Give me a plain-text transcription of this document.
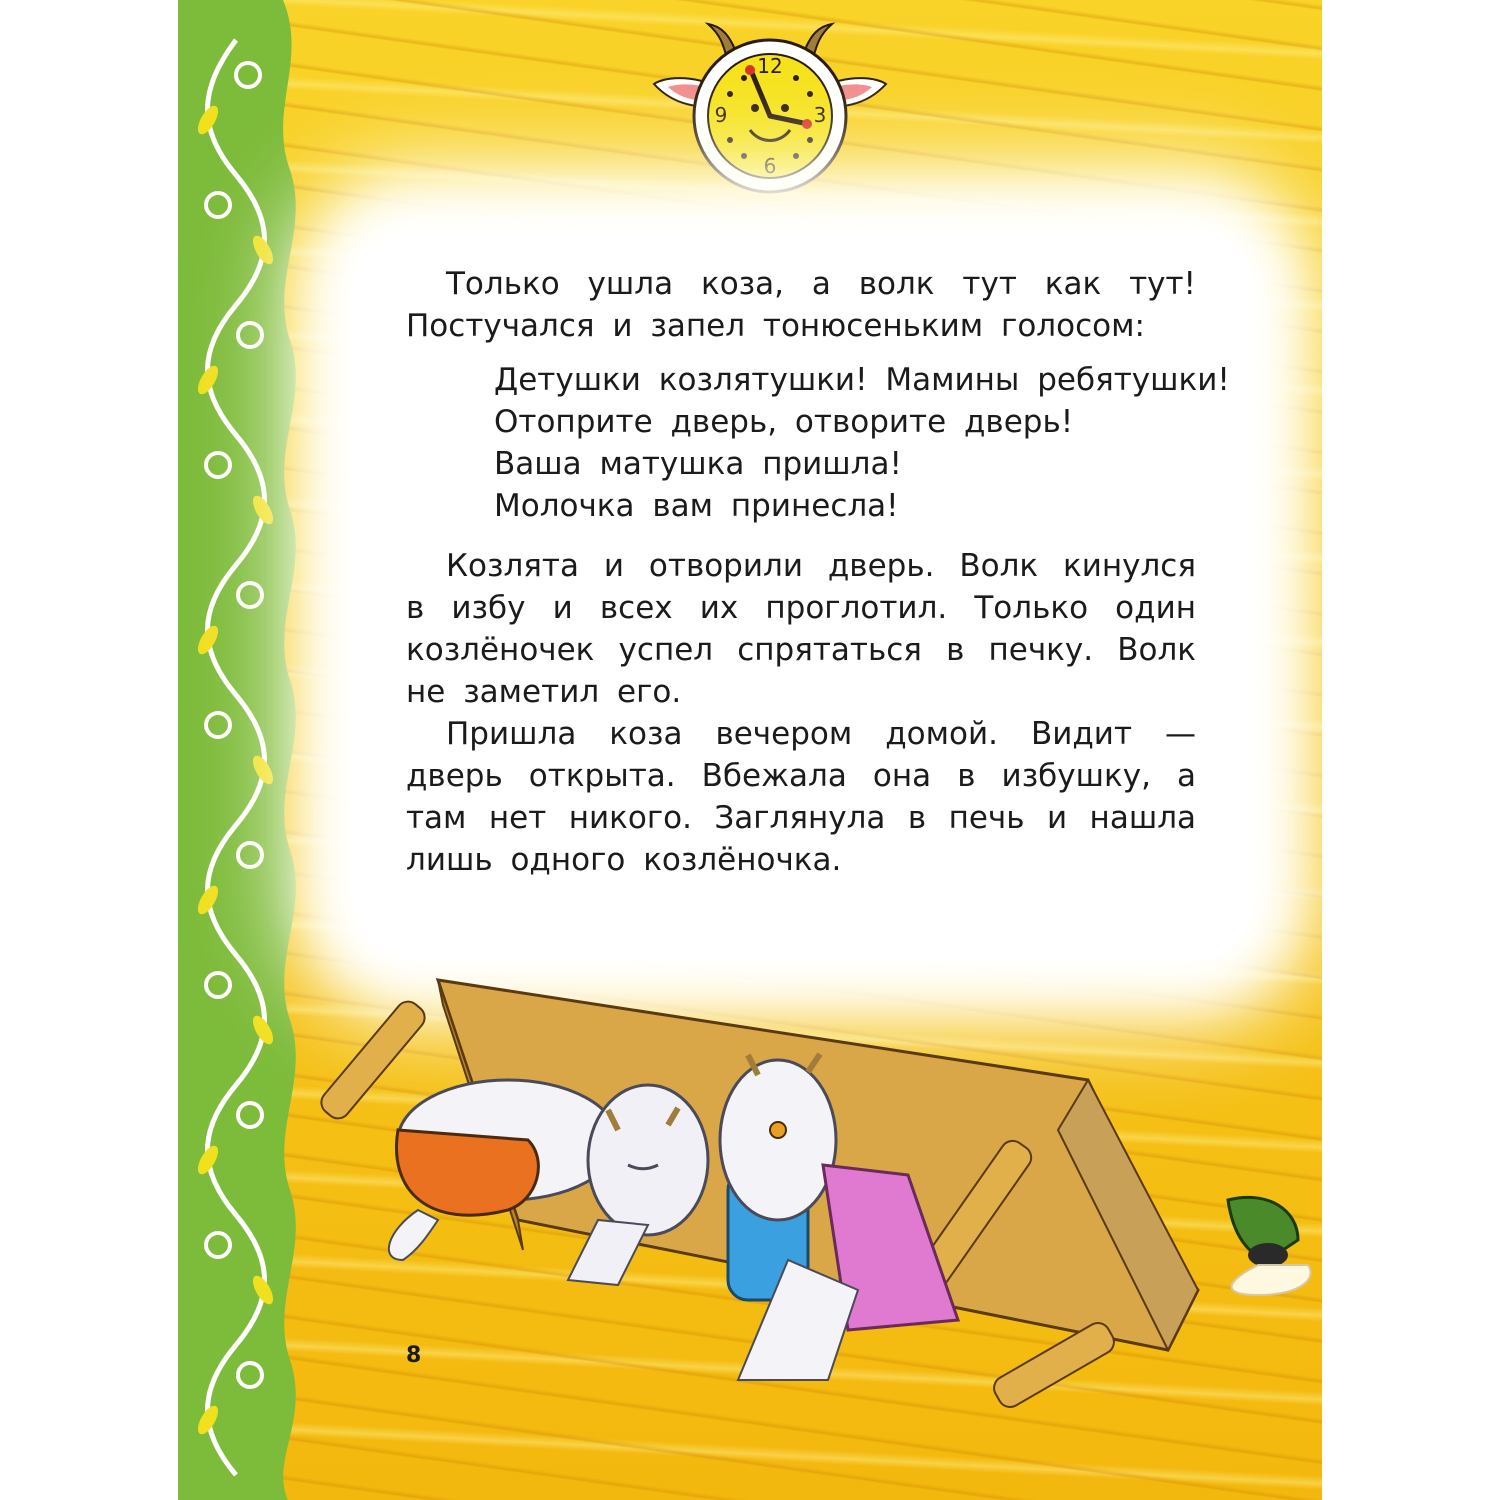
12
3
6
9

Только ушла коза, а волк тут как тут! Постучался и запел тонюсеньким голосом:

Детушки козлятушки! Мамины ребятушки!
Отоприте дверь, отворите дверь!
Ваша матушка пришла!
Молочка вам принесла!

Козлята и отворили дверь. Волк кинулся в избу и всех их проглотил. Только один козлёночек успел спрятаться в печку. Волк не заметил его.

Пришла коза вечером домой. Видит — дверь открыта. Вбежала она в избушку, а там нет никого. Заглянула в печь и нашла лишь одного козлёночка.

8
